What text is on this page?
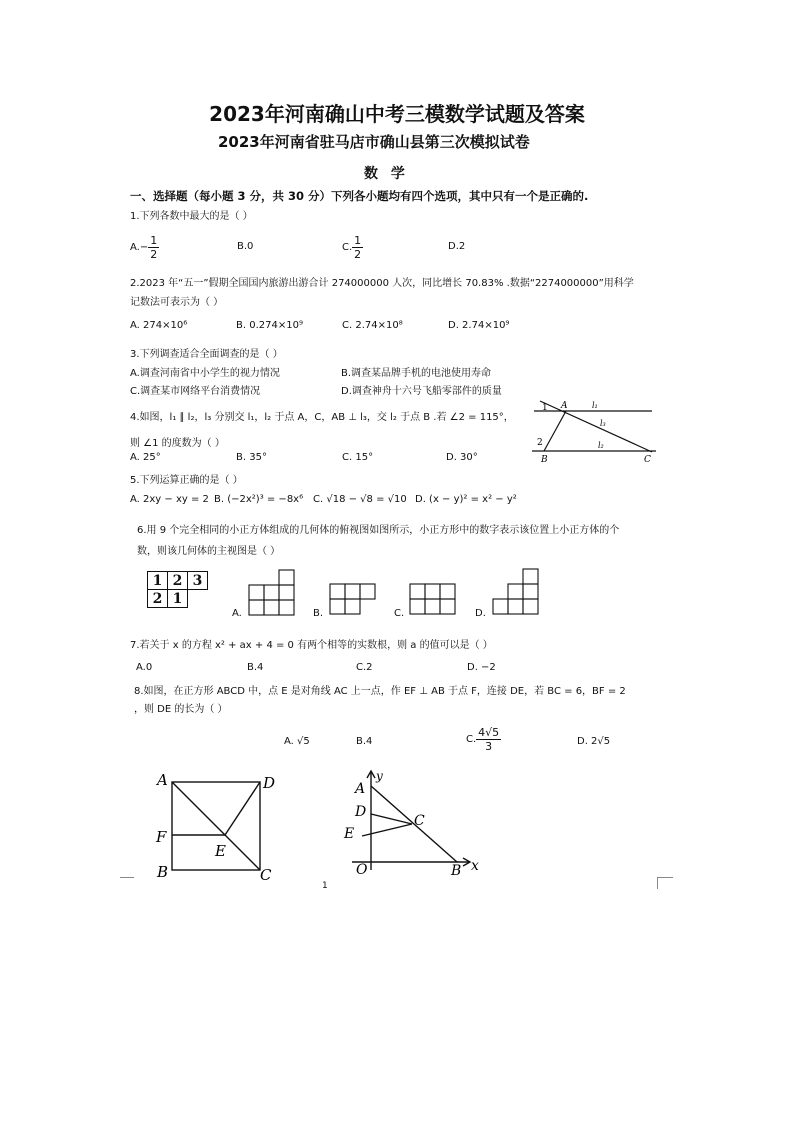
2023年河南确山中考三模数学试题及答案
2023年河南省驻马店市确山县第三次模拟试卷
数 学
一、选择题（每小题 3 分，共 30 分）下列各小题均有四个选项，其中只有一个是正确的.
1.下列各数中最大的是（ ）
$A.- \frac{1}{2}$	B.0	C. $\frac{1}{2}$	D.2
2.2023 年“五一”假期全国国内旅游出游合计 274000000 人次，同比增长 70.83% .数据“2274000000”用科学
记数法可表示为（ ）
A. 274×10⁶	B. 0.274×10⁹	C. 2.74×10⁸	D. 2.74×10⁹
3.下列调查适合全面调查的是（ ）
A.调查河南省中小学生的视力情况	B.调查某品牌手机的电池使用寿命
C.调查某市网络平台消费情况	D.调查神舟十六号飞船零部件的质量
4.如图，l₁ ∥ l₂，l₃ 分别交 l₁，l₂ 于点 A，C，AB ⊥ l₃，交 l₂ 于点 B .若 ∠2 = 115°，
则 ∠1 的度数为（ ）
A. 25°	B. 35°	C. 15°	D. 30°
A
B	C
1
2
l₁
l₂
l₃
5.下列运算正确的是（ ）
A. 2xy − xy = 2 B. (−2x²)³ = −8x⁶ C. √18 − √8 = √10 D. (x − y)² = x² − y²
6.用 9 个完全相同的小正方体组成的几何体的俯视图如图所示，小正方形中的数字表示该位置上小正方体的个
数，则该几何体的主视图是（ ）
1	2	3
2	1	
A.	B.	C.	D.
7.若关于 x 的方程 x² + ax + 4 = 0 有两个相等的实数根，则 a 的值可以是（ ）
A.0	B.4	C.2	D. −2
8.如图，在正方形 ABCD 中，点 E 是对角线 AC 上一点，作 EF ⊥ AB 于点 F，连接 DE，若 BC = 6，BF = 2
，则 DE 的长为（ ）
A. √5	B.4	C. $\frac{4√5}{3}$	D. 2√5
A	D
F
E
B	C
y
A
D
C
E
O	B x
1
